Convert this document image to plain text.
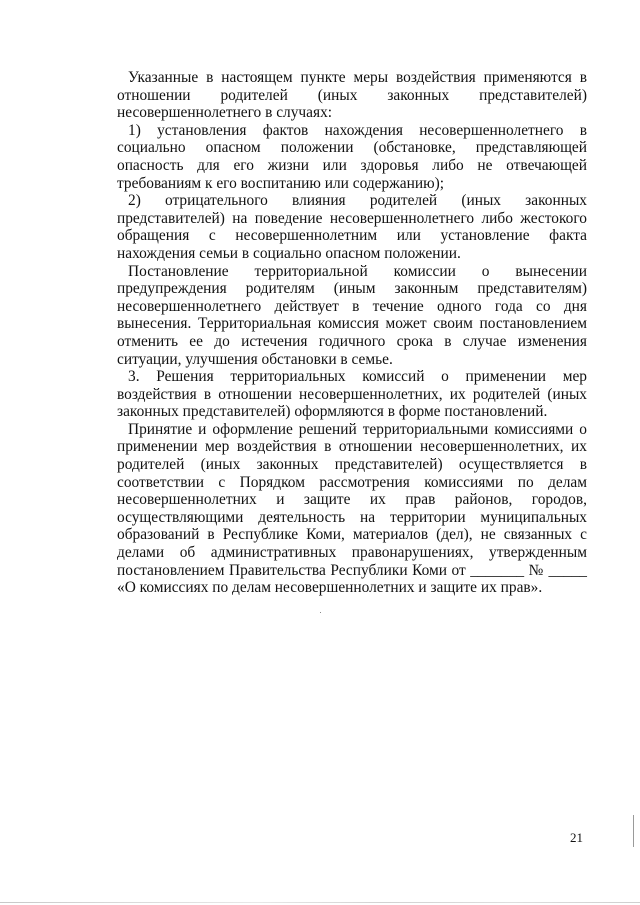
Указанные в настоящем пункте меры воздействия применяются в отношении родителей (иных законных представителей) несовершеннолетнего в случаях:

1) установления фактов нахождения несовершеннолетнего в социально опасном положении (обстановке, представляющей опасность для его жизни или здоровья либо не отвечающей требованиям к его воспитанию или содержанию);

2) отрицательного влияния родителей (иных законных представителей) на поведение несовершеннолетнего либо жестокого обращения с несовершеннолетним или установление факта нахождения семьи в социально опасном положении.

Постановление территориальной комиссии о вынесении предупреждения родителям (иным законным представителям) несовершеннолетнего действует в течение одного года со дня вынесения. Территориальная комиссия может своим постановлением отменить ее до истечения годичного срока в случае изменения ситуации, улучшения обстановки в семье.

3. Решения территориальных комиссий о применении мер воздействия в отношении несовершеннолетних, их родителей (иных законных представителей) оформляются в форме постановлений.

Принятие и оформление решений территориальными комиссиями о применении мер воздействия в отношении несовершеннолетних, их родителей (иных законных представителей) осуществляется в соответствии с Порядком рассмотрения комиссиями по делам несовершеннолетних и защите их прав районов, городов, осуществляющими деятельность на территории муниципальных образований в Республике Коми, материалов (дел), не связанных с делами об административных правонарушениях, утвержденным постановлением Правительства Республики Коми от _______ № _____ «О комиссиях по делам несовершеннолетних и защите их прав».

21
